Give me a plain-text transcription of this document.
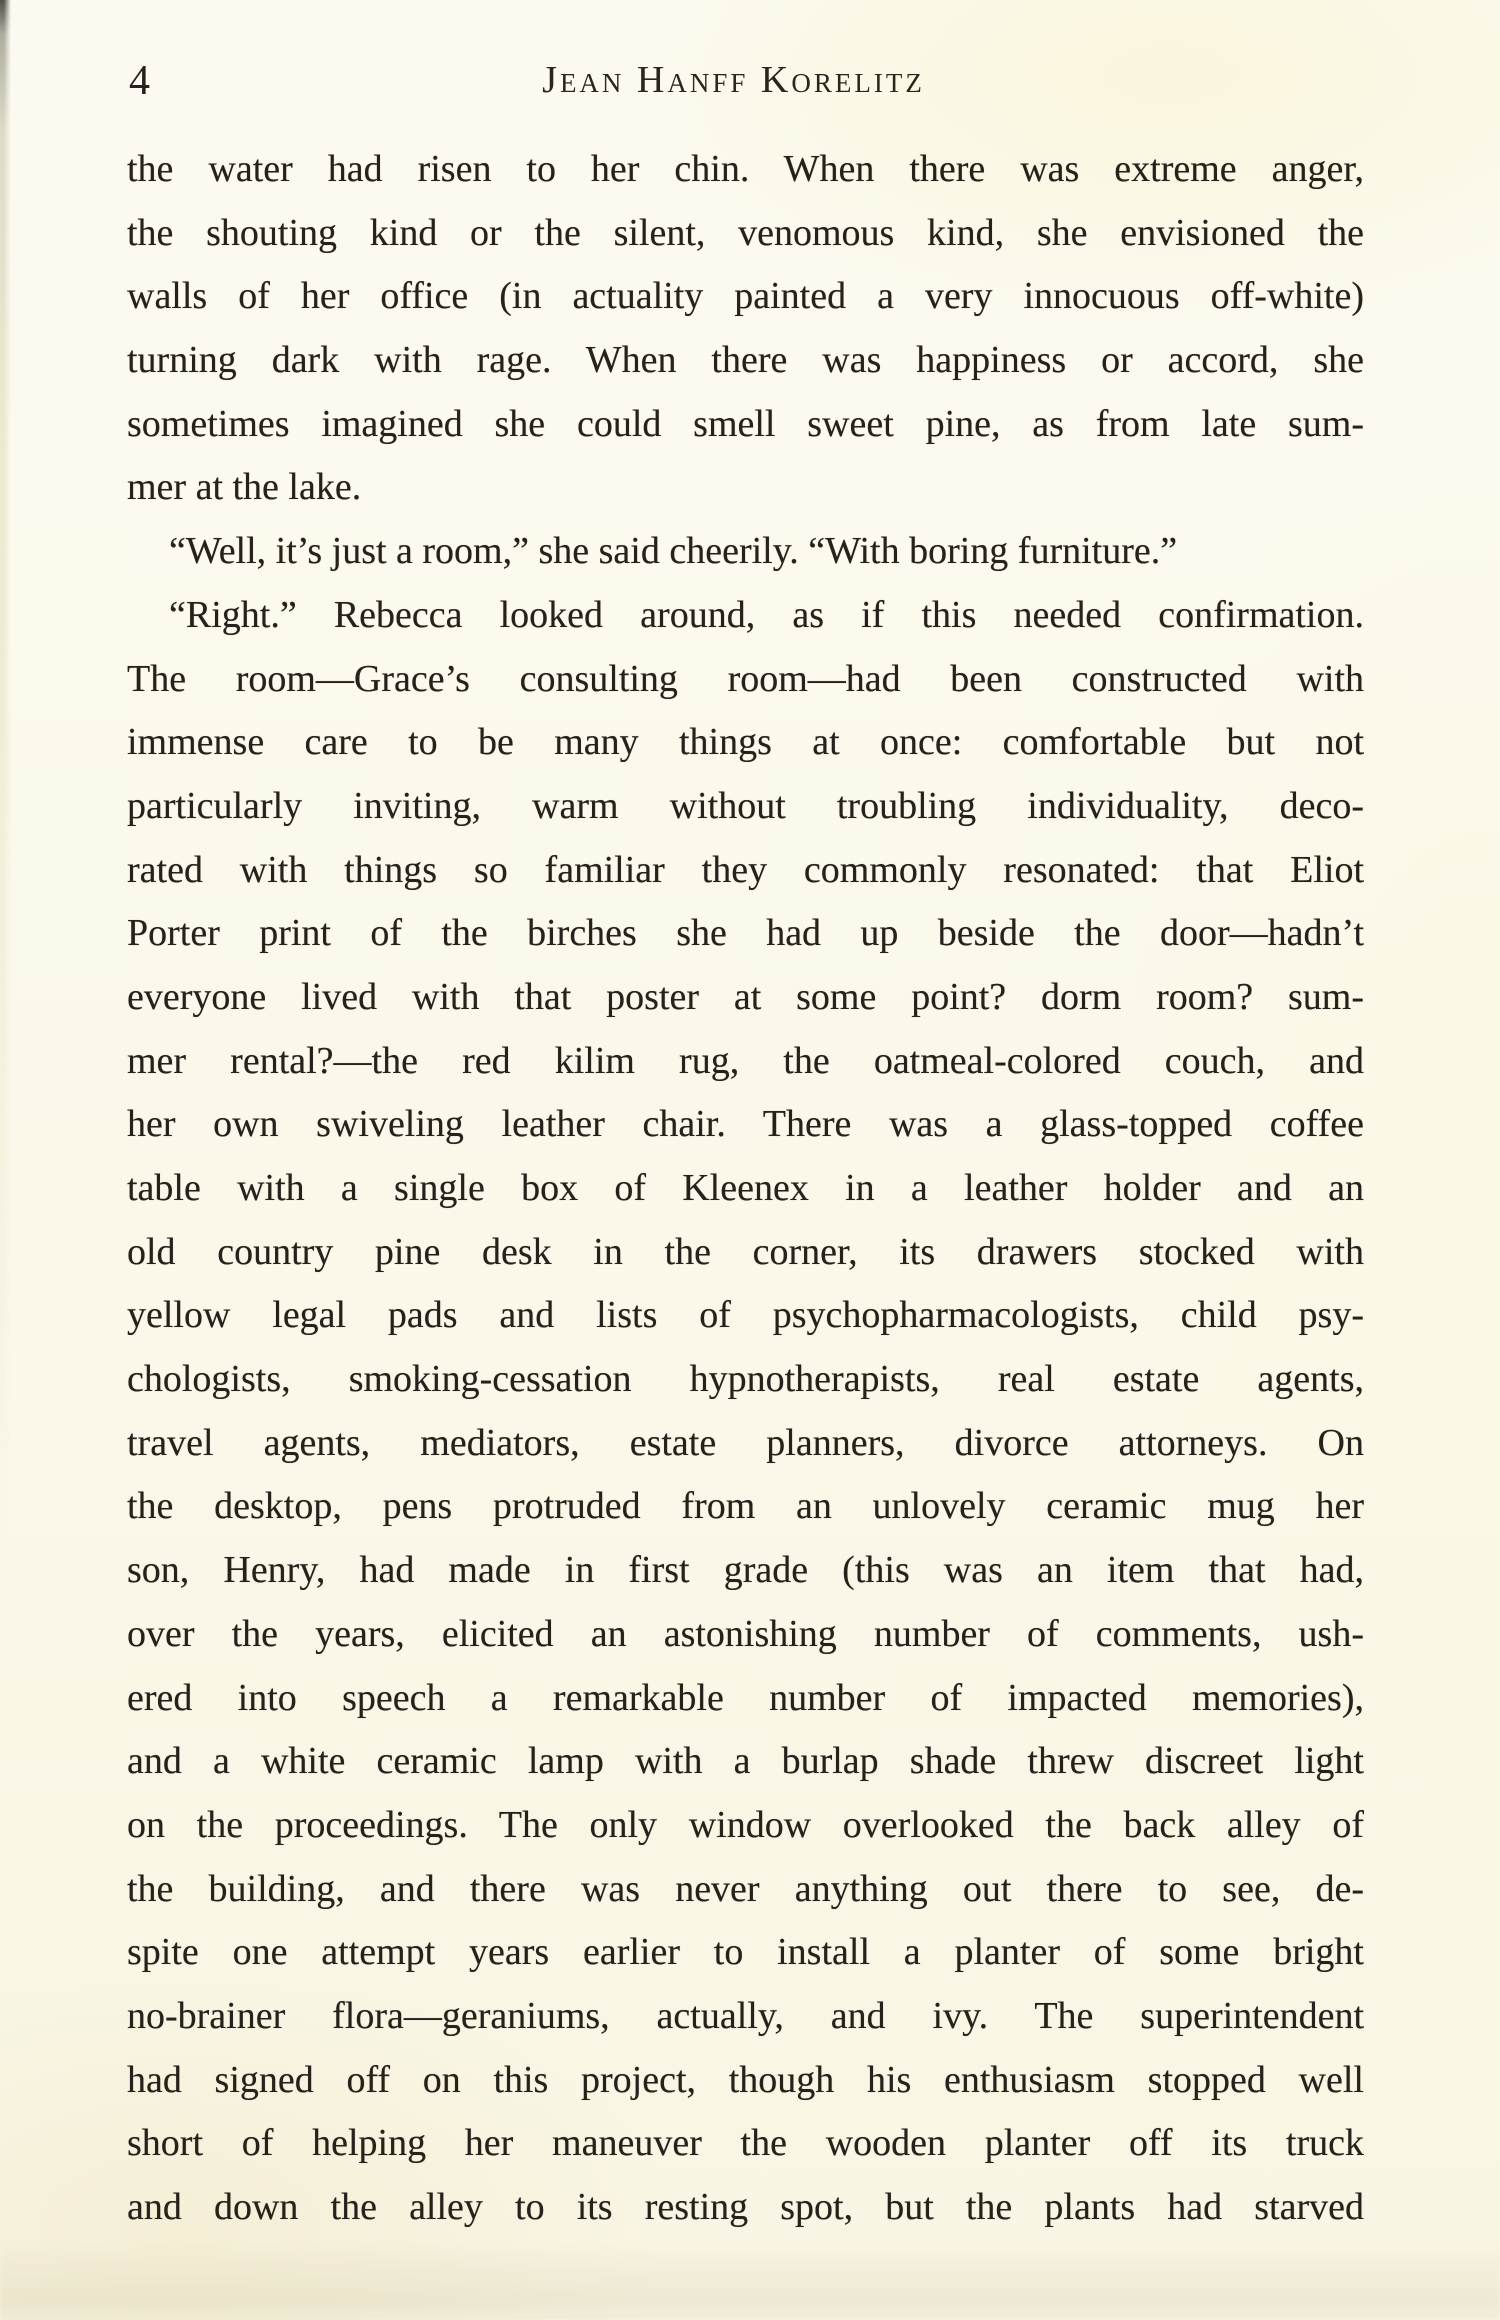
4	Jean Hanff Korelitz
the water had risen to her chin. When there was extreme anger,
the shouting kind or the silent, venomous kind, she envisioned the
walls of her office (in actuality painted a very innocuous off-white)
turning dark with rage. When there was happiness or accord, she
sometimes imagined she could smell sweet pine, as from late sum-
mer at the lake.
“Well, it’s just a room,” she said cheerily. “With boring furniture.”
“Right.” Rebecca looked around, as if this needed confirmation.
The room—Grace’s consulting room—had been constructed with
immense care to be many things at once: comfortable but not
particularly inviting, warm without troubling individuality, deco-
rated with things so familiar they commonly resonated: that Eliot
Porter print of the birches she had up beside the door—hadn’t
everyone lived with that poster at some point? dorm room? sum-
mer rental?—the red kilim rug, the oatmeal-colored couch, and
her own swiveling leather chair. There was a glass-topped coffee
table with a single box of Kleenex in a leather holder and an
old country pine desk in the corner, its drawers stocked with
yellow legal pads and lists of psychopharmacologists, child psy-
chologists, smoking-cessation hypnotherapists, real estate agents,
travel agents, mediators, estate planners, divorce attorneys. On
the desktop, pens protruded from an unlovely ceramic mug her
son, Henry, had made in first grade (this was an item that had,
over the years, elicited an astonishing number of comments, ush-
ered into speech a remarkable number of impacted memories),
and a white ceramic lamp with a burlap shade threw discreet light
on the proceedings. The only window overlooked the back alley of
the building, and there was never anything out there to see, de-
spite one attempt years earlier to install a planter of some bright
no-brainer flora—geraniums, actually, and ivy. The superintendent
had signed off on this project, though his enthusiasm stopped well
short of helping her maneuver the wooden planter off its truck
and down the alley to its resting spot, but the plants had starved
